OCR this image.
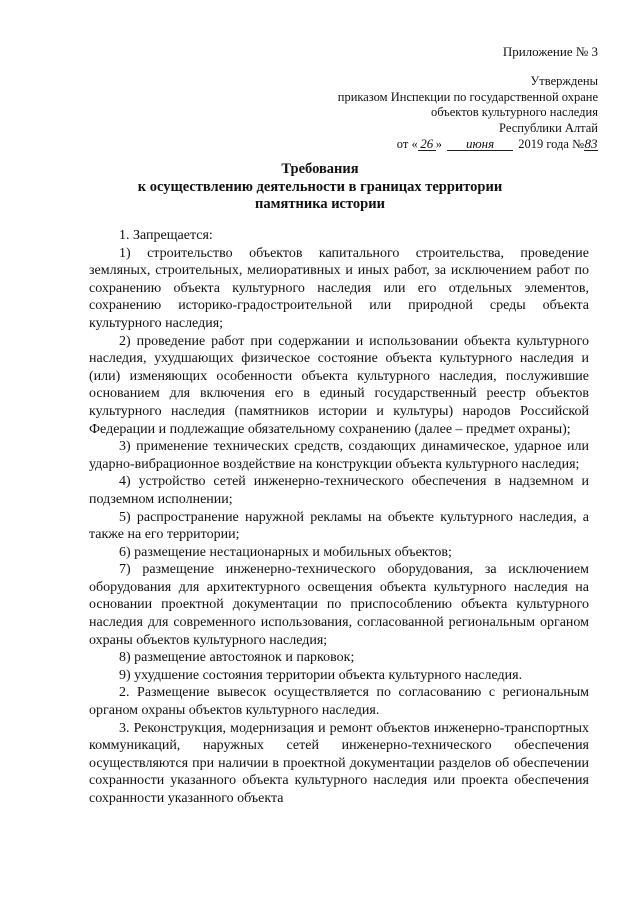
Приложение № 3
Утверждены
приказом Инспекции по государственной охране
объектов культурного наследия
Республики Алтай
от « 26 » июня 2019 года №83
Требования
к осуществлению деятельности в границах территории
памятника истории

1. Запрещается:

1) строительство объектов капитального строительства, проведение земляных, строительных, мелиоративных и иных работ, за исключением работ по сохранению объекта культурного наследия или его отдельных элементов, сохранению историко-градостроительной или природной среды объекта культурного наследия;

2) проведение работ при содержании и использовании объекта культурного наследия, ухудшающих физическое состояние объекта культурного наследия и (или) изменяющих особенности объекта культурного наследия, послужившие основанием для включения его в единый государственный реестр объектов культурного наследия (памятников истории и культуры) народов Российской Федерации и подлежащие обязательному сохранению (далее – предмет охраны);

3) применение технических средств, создающих динамическое, ударное или ударно-вибрационное воздействие на конструкции объекта культурного наследия;

4) устройство сетей инженерно-технического обеспечения в надземном и подземном исполнении;

5) распространение наружной рекламы на объекте культурного наследия, а также на его территории;

6) размещение нестационарных и мобильных объектов;

7) размещение инженерно-технического оборудования, за исключением оборудования для архитектурного освещения объекта культурного наследия на основании проектной документации по приспособлению объекта культурного наследия для современного использования, согласованной региональным органом охраны объектов культурного наследия;

8) размещение автостоянок и парковок;

9) ухудшение состояния территории объекта культурного наследия.

2. Размещение вывесок осуществляется по согласованию с региональным органом охраны объектов культурного наследия.

3. Реконструкция, модернизация и ремонт объектов инженерно-транспортных коммуникаций, наружных сетей инженерно-технического обеспечения осуществляются при наличии в проектной документации разделов об обеспечении сохранности указанного объекта культурного наследия или проекта обеспечения сохранности указанного объекта
